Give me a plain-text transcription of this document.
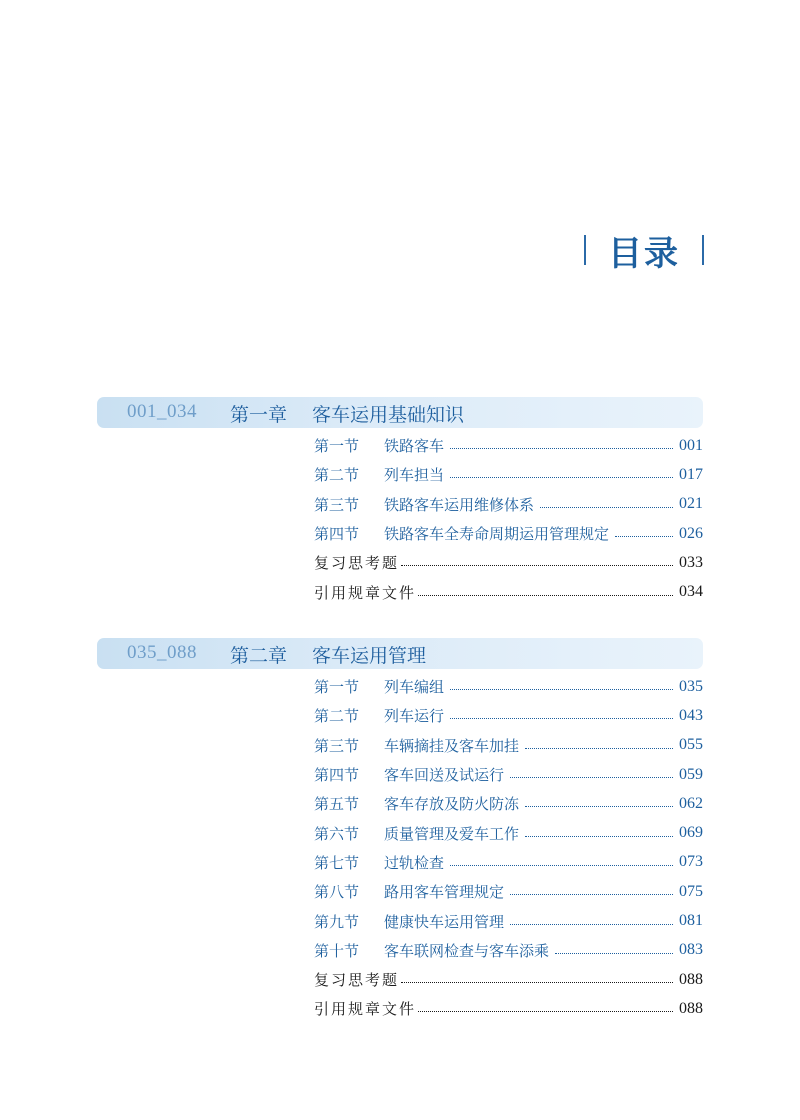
目录
001_034 第一章 客车运用基础知识
第一节	铁路客车	001
第二节	列车担当	017
第三节	铁路客车运用维修体系	021
第四节	铁路客车全寿命周期运用管理规定	026
复习思考题	033
引用规章文件	034
035_088 第二章 客车运用管理
第一节	列车编组	035
第二节	列车运行	043
第三节	车辆摘挂及客车加挂	055
第四节	客车回送及试运行	059
第五节	客车存放及防火防冻	062
第六节	质量管理及爱车工作	069
第七节	过轨检查	073
第八节	路用客车管理规定	075
第九节	健康快车运用管理	081
第十节	客车联网检查与客车添乘	083
复习思考题	088
引用规章文件	088
